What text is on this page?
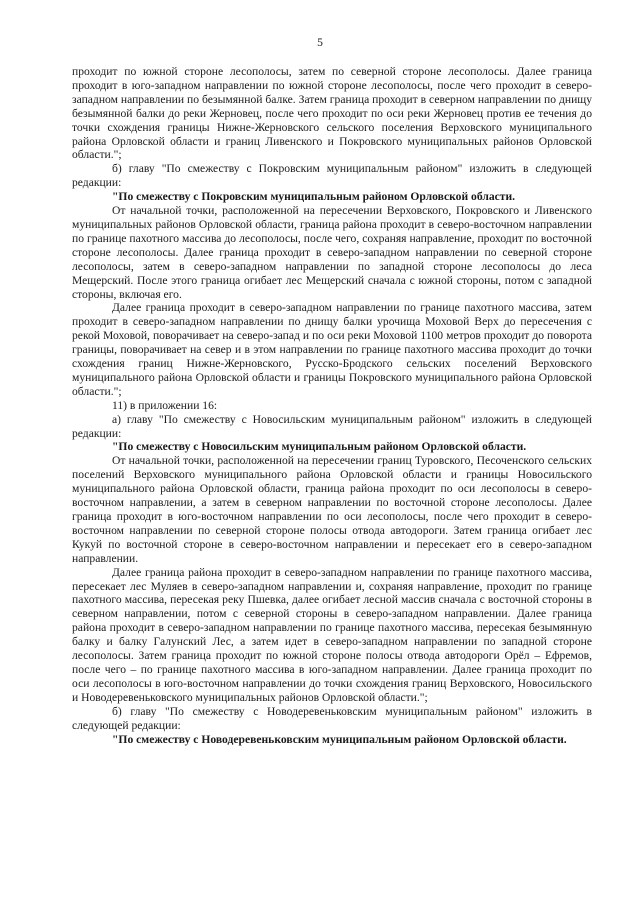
5

проходит по южной стороне лесополосы, затем по северной стороне лесополосы. Далее граница проходит в юго-западном направлении по южной стороне лесополосы, после чего проходит в северо-западном направлении по безымянной балке. Затем граница проходит в северном направлении по днищу безымянной балки до реки Жерновец, после чего проходит по оси реки Жерновец против ее течения до точки схождения границы Нижне-Жерновского сельского поселения Верховского муниципального района Орловской области и границ Ливенского и Покровского муниципальных районов Орловской области.";

б) главу "По смежеству с Покровским муниципальным районом" изложить в следующей редакции:

"По смежеству с Покровским муниципальным районом Орловской области.

От начальной точки, расположенной на пересечении Верховского, Покровского и Ливенского муниципальных районов Орловской области, граница района проходит в северо-восточном направлении по границе пахотного массива до лесополосы, после чего, сохраняя направление, проходит по восточной стороне лесополосы. Далее граница проходит в северо-западном направлении по северной стороне лесополосы, затем в северо-западном направлении по западной стороне лесополосы до леса Мещерский. После этого граница огибает лес Мещерский сначала с южной стороны, потом с западной стороны, включая его.

Далее граница проходит в северо-западном направлении по границе пахотного массива, затем проходит в северо-западном направлении по днищу балки урочища Моховой Верх до пересечения с рекой Моховой, поворачивает на северо-запад и по оси реки Моховой 1100 метров проходит до поворота границы, поворачивает на север и в этом направлении по границе пахотного массива проходит до точки схождения границ Нижне-Жерновского, Русско-Бродского сельских поселений Верховского муниципального района Орловской области и границы Покровского муниципального района Орловской области.";

11) в приложении 16:

а) главу "По смежеству с Новосильским муниципальным районом" изложить в следующей редакции:

"По смежеству с Новосильским муниципальным районом Орловской области.

От начальной точки, расположенной на пересечении границ Туровского, Песоченского сельских поселений Верховского муниципального района Орловской области и границы Новосильского муниципального района Орловской области, граница района проходит по оси лесополосы в северо-восточном направлении, а затем в северном направлении по восточной стороне лесополосы. Далее граница проходит в юго-восточном направлении по оси лесополосы, после чего проходит в северо-восточном направлении по северной стороне полосы отвода автодороги. Затем граница огибает лес Кукуй по восточной стороне в северо-восточном направлении и пересекает его в северо-западном направлении.

Далее граница района проходит в северо-западном направлении по границе пахотного массива, пересекает лес Муляев в северо-западном направлении и, сохраняя направление, проходит по границе пахотного массива, пересекая реку Пшевка, далее огибает лесной массив сначала с восточной стороны в северном направлении, потом с северной стороны в северо-западном направлении. Далее граница района проходит в северо-западном направлении по границе пахотного массива, пересекая безымянную балку и балку Галунский Лес, а затем идет в северо-западном направлении по западной стороне лесополосы. Затем граница проходит по южной стороне полосы отвода автодороги Орёл – Ефремов, после чего – по границе пахотного массива в юго-западном направлении. Далее граница проходит по оси лесополосы в юго-восточном направлении до точки схождения границ Верховского, Новосильского и Новодеревеньковского муниципальных районов Орловской области.";

б) главу "По смежеству с Новодеревеньковским муниципальным районом" изложить в следующей редакции:

"По смежеству с Новодеревеньковским муниципальным районом Орловской области.
